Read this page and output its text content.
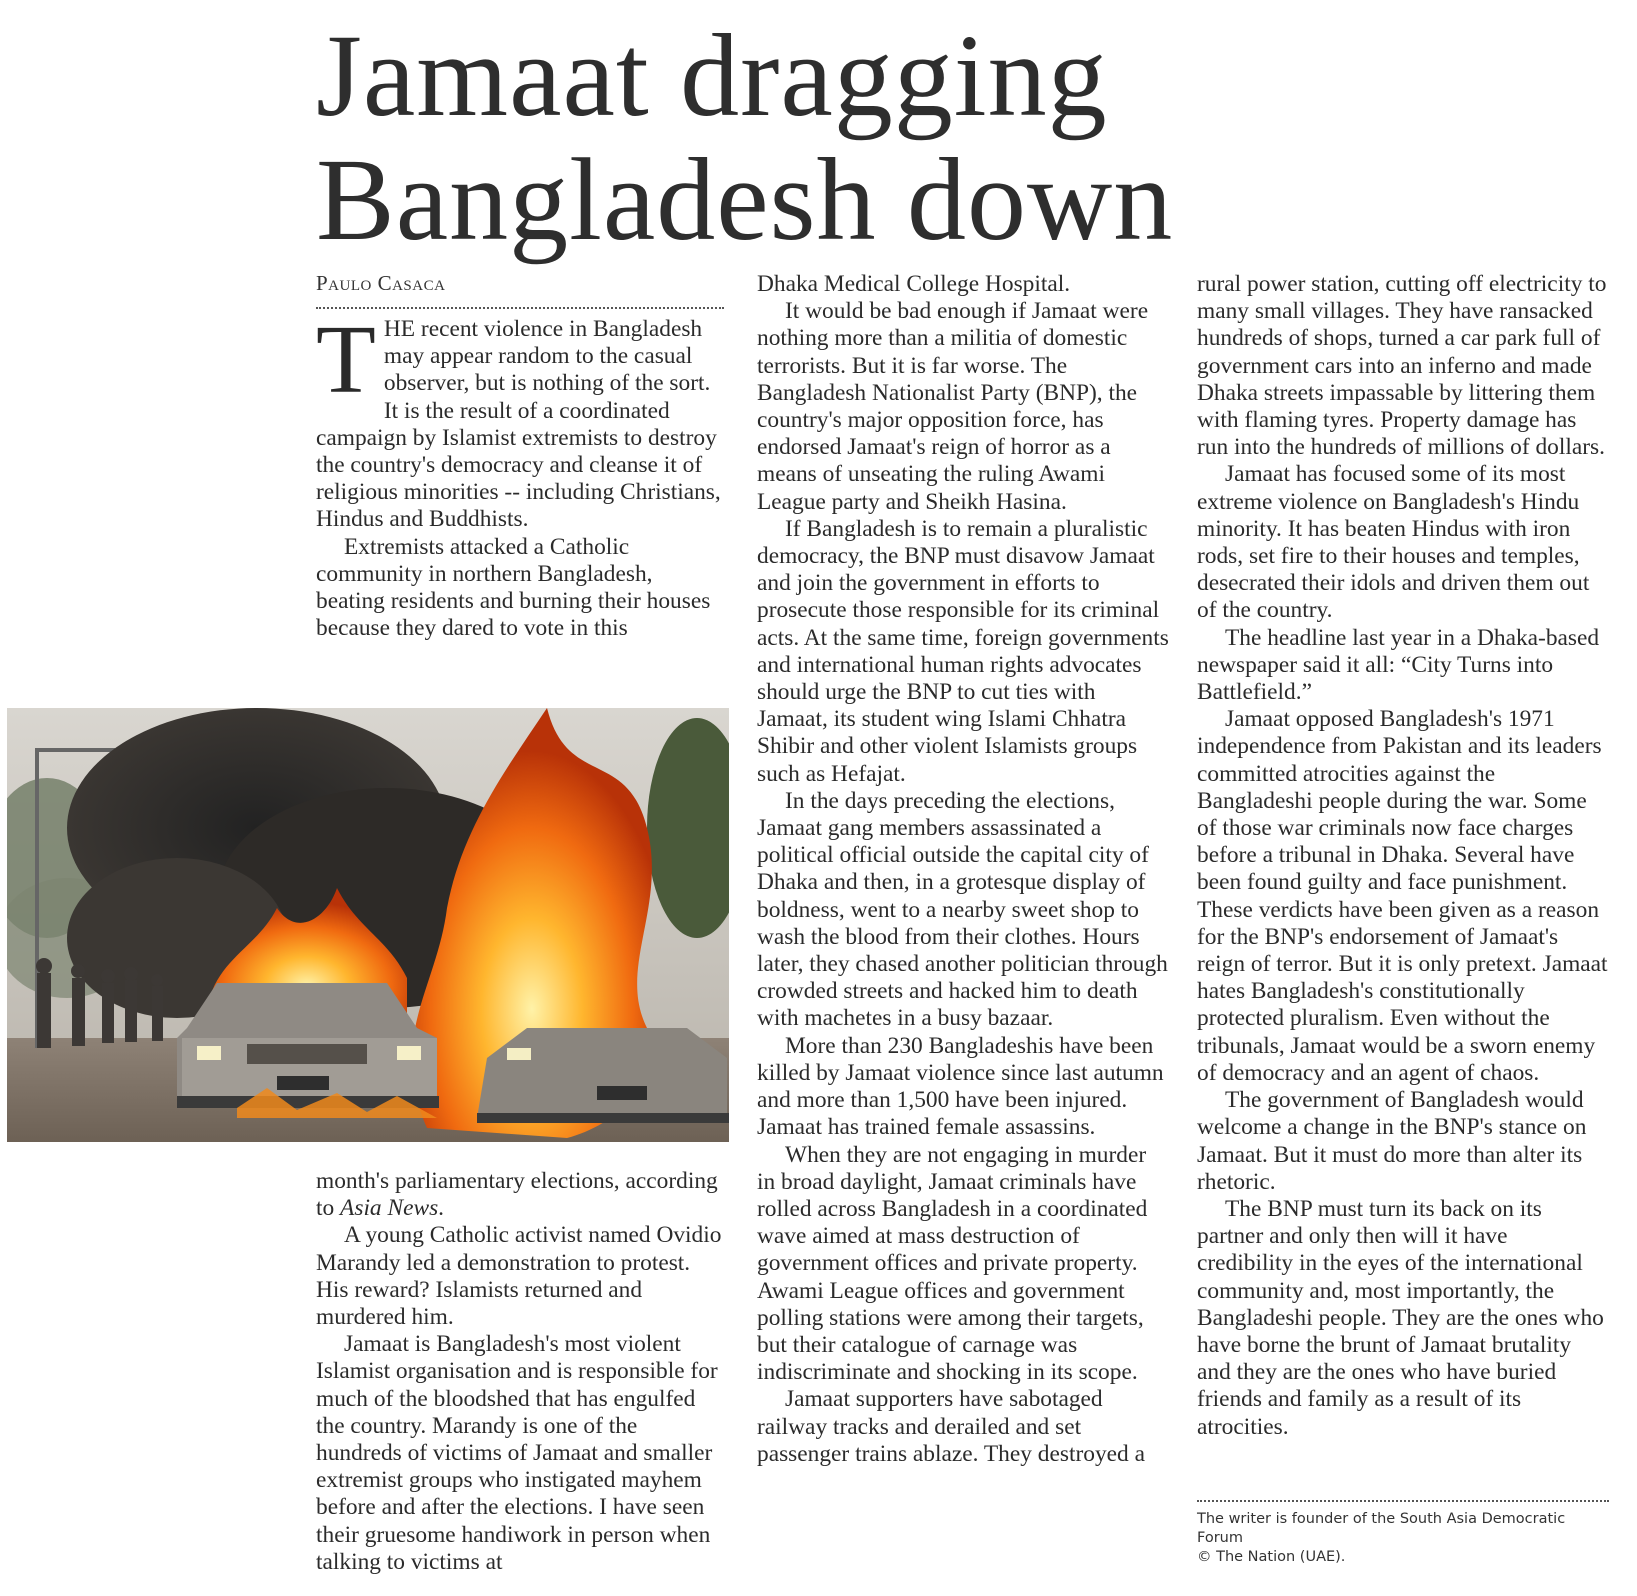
Jamaat dragging
Bangladesh down
Paulo Casaca

THE recent violence in Bangladesh may appear random to the casual observer, but is nothing of the sort. It is the result of a coordinated campaign by Islamist extremists to destroy the country's democracy and cleanse it of religious minorities -- including Christians, Hindus and Buddhists.

Extremists attacked a Catholic community in northern Bangladesh, beating residents and burning their houses because they dared to vote in this

month's parliamentary elections, according to Asia News.

A young Catholic activist named Ovidio Marandy led a demonstration to protest. His reward? Islamists returned and murdered him.

Jamaat is Bangladesh's most violent Islamist organisation and is responsible for much of the bloodshed that has engulfed the country. Marandy is one of the hundreds of victims of Jamaat and smaller extremist groups who instigated mayhem before and after the elections. I have seen their gruesome handiwork in person when talking to victims at

Dhaka Medical College Hospital.

It would be bad enough if Jamaat were nothing more than a militia of domestic terrorists. But it is far worse. The Bangladesh Nationalist Party (BNP), the country's major opposition force, has endorsed Jamaat's reign of horror as a means of unseating the ruling Awami League party and Sheikh Hasina.

If Bangladesh is to remain a pluralistic democracy, the BNP must disavow Jamaat and join the government in efforts to prosecute those responsible for its criminal acts. At the same time, foreign governments and international human rights advocates should urge the BNP to cut ties with Jamaat, its student wing Islami Chhatra Shibir and other violent Islamists groups such as Hefajat.

In the days preceding the elections, Jamaat gang members assassinated a political official outside the capital city of Dhaka and then, in a grotesque display of boldness, went to a nearby sweet shop to wash the blood from their clothes. Hours later, they chased another politician through crowded streets and hacked him to death with machetes in a busy bazaar.

More than 230 Bangladeshis have been killed by Jamaat violence since last autumn and more than 1,500 have been injured. Jamaat has trained female assassins.

When they are not engaging in murder in broad daylight, Jamaat criminals have rolled across Bangladesh in a coordinated wave aimed at mass destruction of government offices and private property. Awami League offices and government polling stations were among their targets, but their catalogue of carnage was indiscriminate and shocking in its scope.

Jamaat supporters have sabotaged railway tracks and derailed and set passenger trains ablaze. They destroyed a

rural power station, cutting off electricity to many small villages. They have ransacked hundreds of shops, turned a car park full of government cars into an inferno and made Dhaka streets impassable by littering them with flaming tyres. Property damage has run into the hundreds of millions of dollars.

Jamaat has focused some of its most extreme violence on Bangladesh's Hindu minority. It has beaten Hindus with iron rods, set fire to their houses and temples, desecrated their idols and driven them out of the country.

The headline last year in a Dhaka-based newspaper said it all: “City Turns into Battlefield.”

Jamaat opposed Bangladesh's 1971 independence from Pakistan and its leaders committed atrocities against the Bangladeshi people during the war. Some of those war criminals now face charges before a tribunal in Dhaka. Several have been found guilty and face punishment. These verdicts have been given as a reason for the BNP's endorsement of Jamaat's reign of terror. But it is only pretext. Jamaat hates Bangladesh's constitutionally protected pluralism. Even without the tribunals, Jamaat would be a sworn enemy of democracy and an agent of chaos.

The government of Bangladesh would welcome a change in the BNP's stance on Jamaat. But it must do more than alter its rhetoric.

The BNP must turn its back on its partner and only then will it have credibility in the eyes of the international community and, most importantly, the Bangladeshi people. They are the ones who have borne the brunt of Jamaat brutality and they are the ones who have buried friends and family as a result of its atrocities.

The writer is founder of the South Asia Democratic Forum
© The Nation (UAE).
